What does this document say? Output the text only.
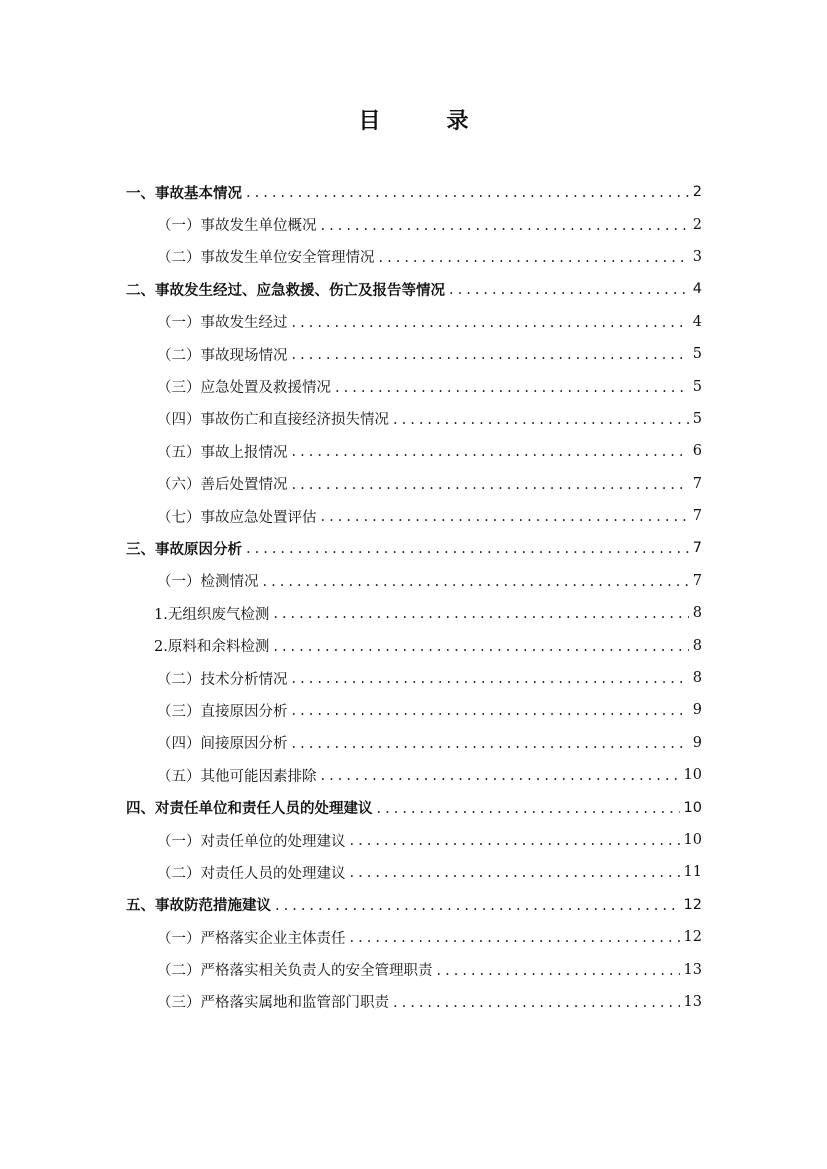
目　录
一、事故基本情况 .....	2
（一）事故发生单位概况 .....	2
（二）事故发生单位安全管理情况 .....	3
二、事故发生经过、应急救援、伤亡及报告等情况 .....	4
（一）事故发生经过 .....	4
（二）事故现场情况 .....	5
（三）应急处置及救援情况 .....	5
（四）事故伤亡和直接经济损失情况 .....	5
（五）事故上报情况 .....	6
（六）善后处置情况 .....	7
（七）事故应急处置评估 .....	7
三、事故原因分析 .....	7
（一）检测情况 .....	7
1.无组织废气检测 .....	8
2.原料和余料检测 .....	8
（二）技术分析情况 .....	8
（三）直接原因分析 .....	9
（四）间接原因分析 .....	9
（五）其他可能因素排除 .....	10
四、对责任单位和责任人员的处理建议 .....	10
（一）对责任单位的处理建议 .....	10
（二）对责任人员的处理建议 .....	11
五、事故防范措施建议 .....	12
（一）严格落实企业主体责任 .....	12
（二）严格落实相关负责人的安全管理职责 .....	13
（三）严格落实属地和监管部门职责 .....	13
